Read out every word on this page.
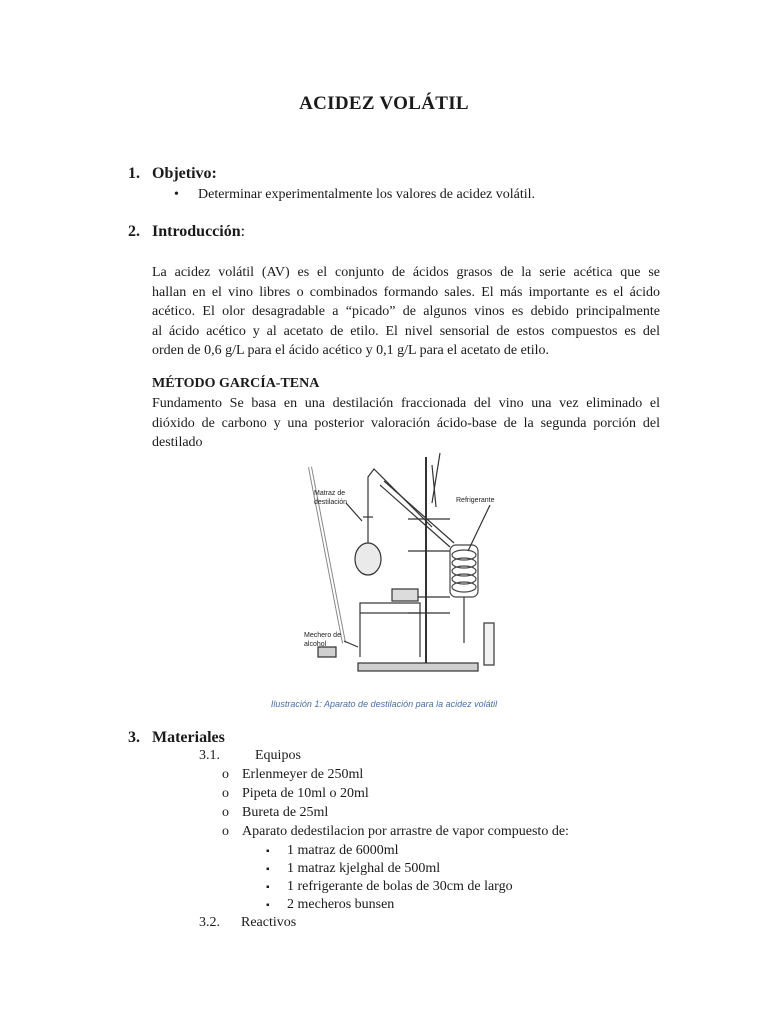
ACIDEZ VOLÁTIL
1. Objetivo:
• Determinar experimentalmente los valores de acidez volátil.
2. Introducción:
La acidez volátil (AV) es el conjunto de ácidos grasos de la serie acética que se
hallan en el vino libres o combinados formando sales. El más importante es el ácido
acético. El olor desagradable a “picado” de algunos vinos es debido principalmente
al ácido acético y al acetato de etilo. El nivel sensorial de estos compuestos es del
orden de 0,6 g/L para el ácido acético y 0,1 g/L para el acetato de etilo.
MÉTODO GARCÍA-TENA
Fundamento Se basa en una destilación fraccionada del vino una vez eliminado el
dióxido de carbono y una posterior valoración ácido-base de la segunda porción del
destilado
Matraz de
destilación	Refrigerante
Mechero de
alcohol
Ilustración 1: Aparato de destilación para la acidez volátil
3. Materiales
3.1.	Equipos
o Erlenmeyer de 250ml
o Pipeta de 10ml o 20ml
o Bureta de 25ml
o Aparato dedestilacion por arrastre de vapor compuesto de:
▪ 1 matraz de 6000ml
▪ 1 matraz kjelghal de 500ml
▪ 1 refrigerante de bolas de 30cm de largo
▪ 2 mecheros bunsen
3.2. Reactivos
